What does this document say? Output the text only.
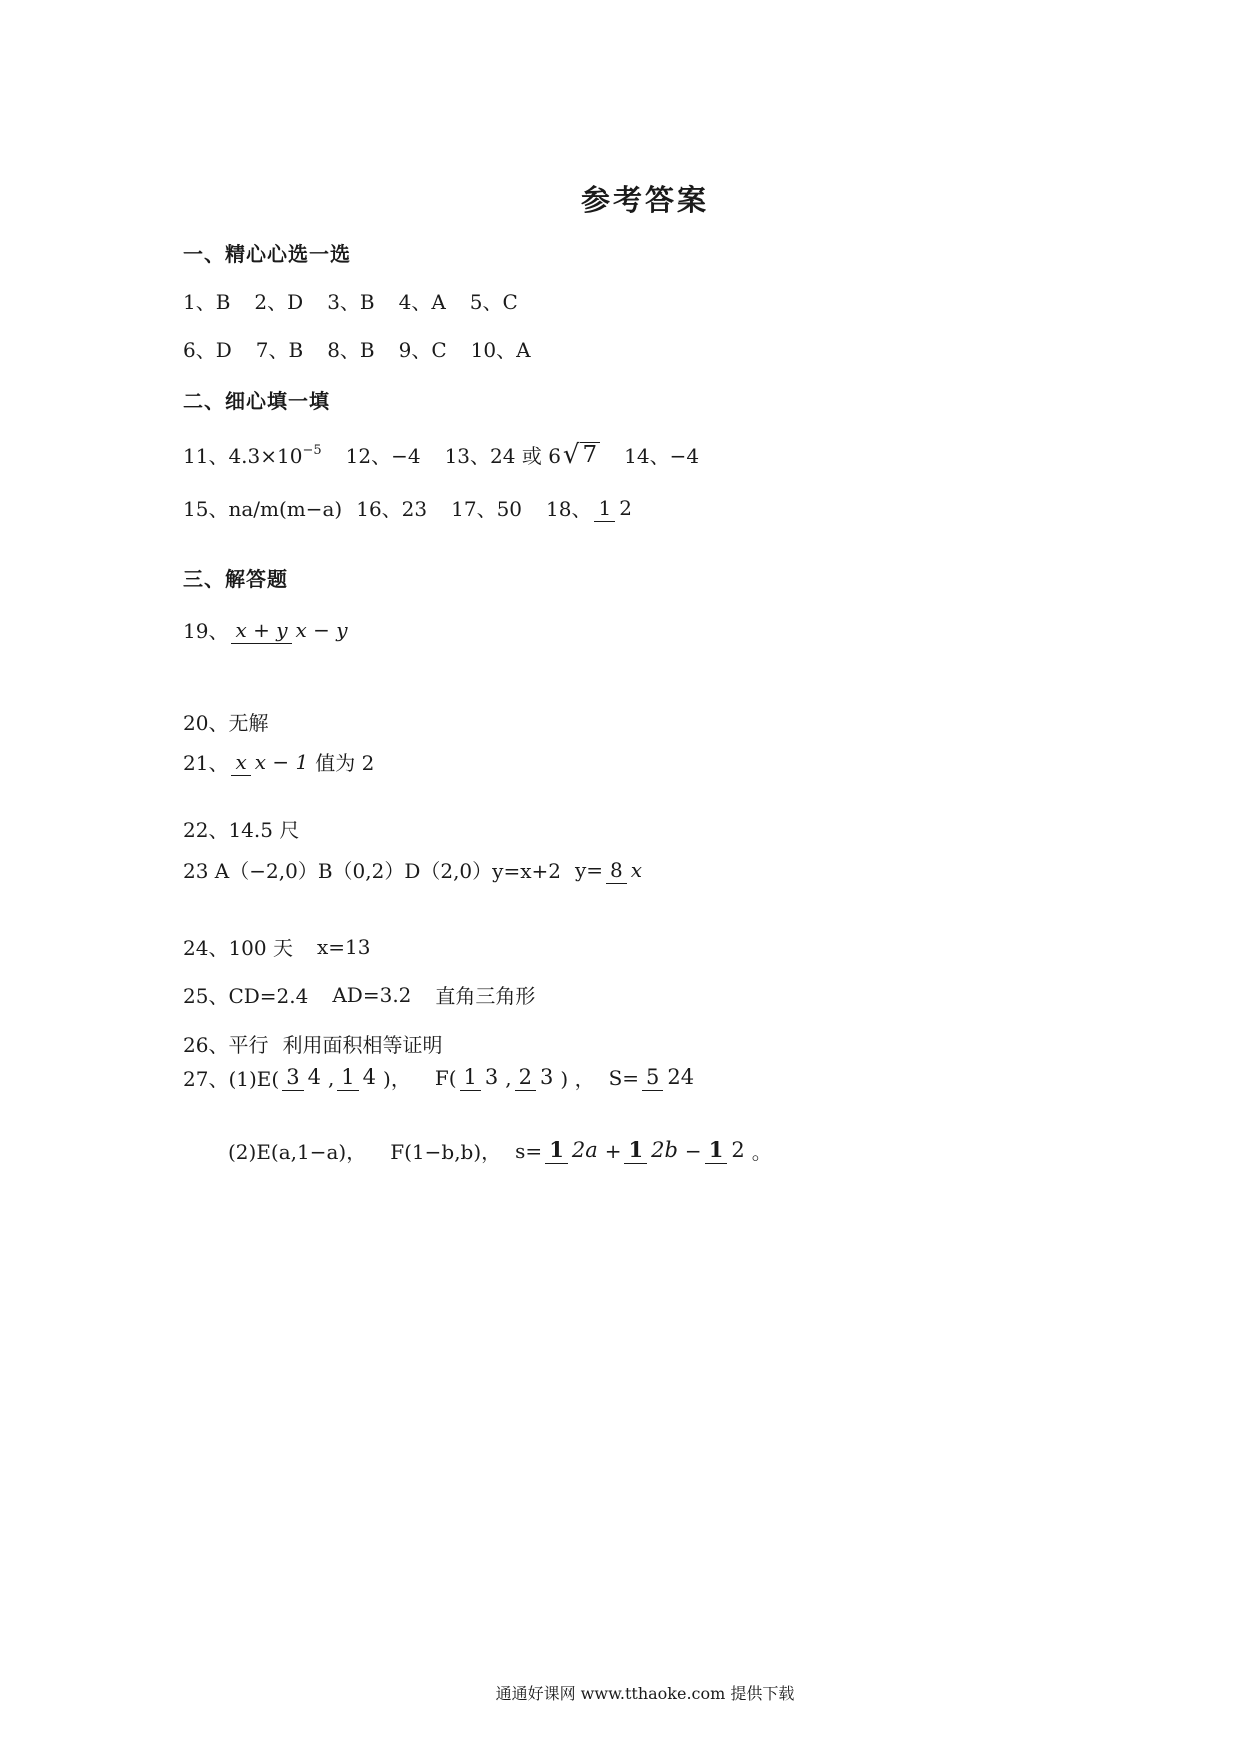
参考答案
一、精心心选一选
1、B 2、D 3、B 4、A 5、C
6、D 7、B 8、B 9、C 10、A
二、细心填一填
11、$4.3\times 10^{-5}$ 12、−4 13、24 或 6 √ 7 14、−4
15、na/m(m−a) 16、23 17、50 18、 1 2
三、解答题
19、 x + y x − y
20、无解
21、 x x − 1 值为 2
22、14.5 尺
23 A（−2,0）B（0,2）D（2,0）y=x+2 y= 8 x
24、100 天 x=13
25、CD=2.4 AD=3.2 直角三角形
26、平行 利用面积相等证明
27、(1)E( 3 4 , 1 4 )， F( 1 3 , 2 3 ) ， S= 5 24
(2)E(a,1−a)， F(1−b,b)， s= 1 2a + 1 2b − 1 2 。
通通好课网 www.tthaoke.com 提供下载
